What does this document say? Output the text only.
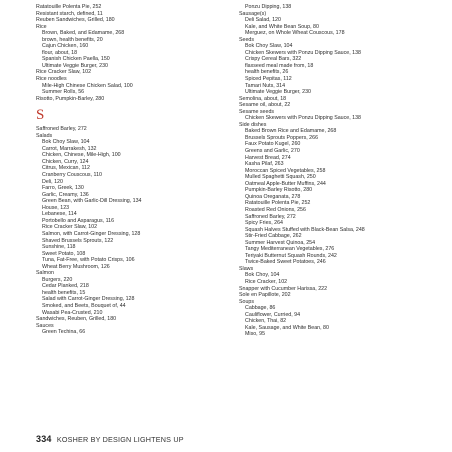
Ratatouille Polenta Pie, 252
Resistant starch, defined, 11
Reuben Sandwiches, Grilled, 180
Rice
Brown, Baked, and Edamame, 268
brown, health benefits, 20
Cajun Chicken, 160
flour, about, 18
Spanish Chicken Paella, 150
Ultimate Veggie Burger, 230
Rice Cracker Slaw, 102
Rice noodles
Mile-High Chinese Chicken Salad, 100
Summer Rolls, 56
Risotto, Pumpkin-Barley, 280
S
Saffroned Barley, 272
Salads
Bok Choy Slaw, 104
Carrot, Marrakesh, 132
Chicken, Chinese, Mile-High, 100
Chicken, Curry, 124
Citrus, Mexican, 112
Cranberry Couscous, 110
Deli, 120
Farro, Greek, 130
Garlic, Creamy, 136
Green Bean, with Garlic-Dill Dressing, 134
House, 123
Lebanese, 114
Portobello and Asparagus, 116
Rice Cracker Slaw, 102
Salmon, with Carrot-Ginger Dressing, 128
Shaved Brussels Sprouts, 122
Sunshine, 118
Sweet Potato, 108
Tuna, Fat-Free, with Potato Crisps, 106
Wheat Berry Mushroom, 126
Salmon
Burgers, 220
Cedar Planked, 218
health benefits, 15
Salad with Carrot-Ginger Dressing, 128
Smoked, and Beets, Bouquet of, 44
Wasabi Pea-Crusted, 210
Sandwiches, Reuben, Grilled, 180
Sauces
Green Techina, 66
Ponzu Dipping, 138
Sausage(s)
Deli Salad, 120
Kale, and White Bean Soup, 80
Merguez, on Whole Wheat Couscous, 178
Seeds
Bok Choy Slaw, 104
Chicken Skewers with Ponzu Dipping Sauce, 138
Crispy Cereal Bars, 322
flaxseed meal made from, 18
health benefits, 26
Spiced Pepitas, 112
Tamari Nuts, 314
Ultimate Veggie Burger, 230
Semolina, about, 18
Sesame oil, about, 22
Sesame seeds
Chicken Skewers with Ponzu Dipping Sauce, 138
Side dishes
Baked Brown Rice and Edamame, 268
Brussels Sprouts Poppers, 266
Faux Potato Kugel, 260
Greens and Garlic, 270
Harvest Bread, 274
Kasha Pilaf, 263
Moroccan Spiced Vegetables, 258
Mulled Spaghetti Squash, 250
Oatmeal Apple-Butter Muffins, 244
Pumpkin-Barley Risotto, 280
Quinoa Oreganata, 278
Ratatouille Polenta Pie, 252
Roasted Red Onions, 256
Saffroned Barley, 272
Spicy Fries, 264
Squash Halves Stuffed with Black-Bean Salsa, 248
Stir-Fried Cabbage, 262
Summer Harvest Quinoa, 254
Tangy Mediterranean Vegetables, 276
Teriyaki Butternut Squash Rounds, 242
Twice-Baked Sweet Potatoes, 246
Slaws
Bok Choy, 104
Rice Cracker, 102
Snapper with Cucumber Harissa, 222
Sole en Papillote, 202
Soups
Cabbage, 86
Cauliflower, Curried, 94
Chicken, Thai, 82
Kale, Sausage, and White Bean, 80
Miso, 95
334 KOSHER BY DESIGN LIGHTENS UP
